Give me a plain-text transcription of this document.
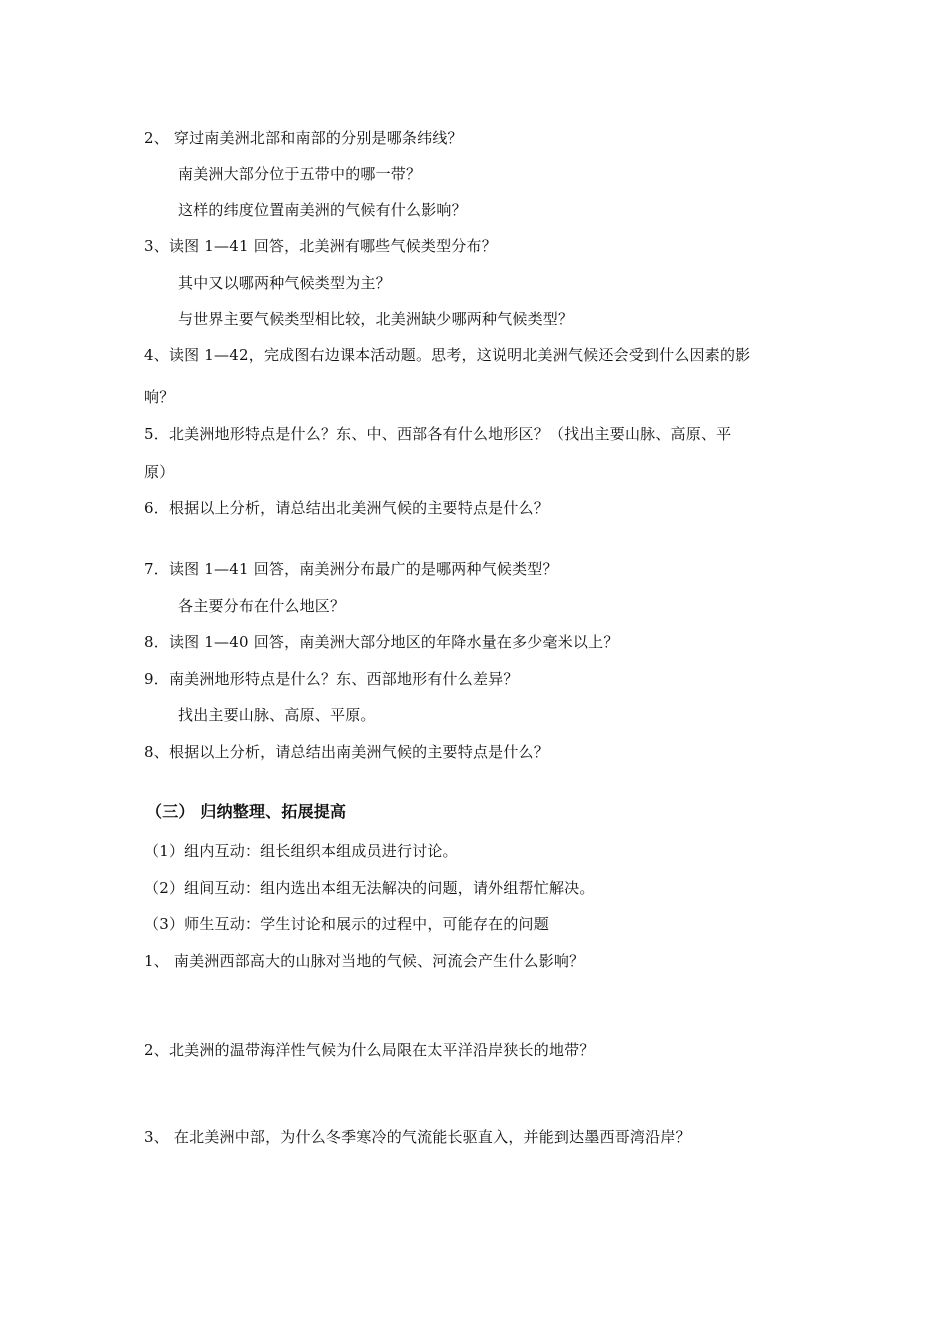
2、 穿过南美洲北部和南部的分别是哪条纬线？
南美洲大部分位于五带中的哪一带？
这样的纬度位置南美洲的气候有什么影响？
3、读图 1—41 回答，北美洲有哪些气候类型分布？
其中又以哪两种气候类型为主？
与世界主要气候类型相比较，北美洲缺少哪两种气候类型？
4、读图 1—42，完成图右边课本活动题。思考，这说明北美洲气候还会受到什么因素的影
响？
5．北美洲地形特点是什么？东、中、西部各有什么地形区？（找出主要山脉、高原、平
原）
6．根据以上分析，请总结出北美洲气候的主要特点是什么？
7．读图 1—41 回答，南美洲分布最广的是哪两种气候类型？
各主要分布在什么地区？
8．读图 1—40 回答，南美洲大部分地区的年降水量在多少毫米以上？
9．南美洲地形特点是什么？东、西部地形有什么差异？
找出主要山脉、高原、平原。
8、根据以上分析，请总结出南美洲气候的主要特点是什么？
（三） 归纳整理、拓展提高
（1）组内互动：组长组织本组成员进行讨论。
（2）组间互动：组内选出本组无法解决的问题，请外组帮忙解决。
（3）师生互动：学生讨论和展示的过程中，可能存在的问题
1、 南美洲西部高大的山脉对当地的气候、河流会产生什么影响？
2、北美洲的温带海洋性气候为什么局限在太平洋沿岸狭长的地带？
3、 在北美洲中部，为什么冬季寒冷的气流能长驱直入，并能到达墨西哥湾沿岸？
